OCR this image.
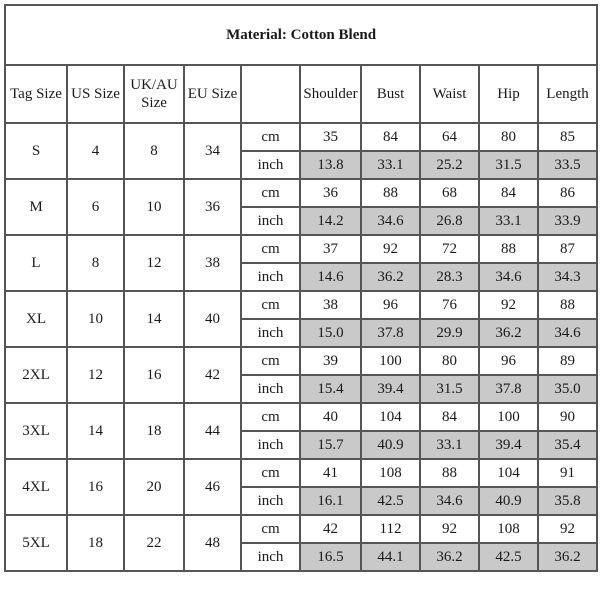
Material: Cotton Blend									
Tag Size	US Size	UK/AU Size	EU Size		Shoulder	Bust	Waist	Hip	Length
S	4	8	34	cm	35	84	64	80	85
				inch	13.8	33.1	25.2	31.5	33.5
M	6	10	36	cm	36	88	68	84	86
				inch	14.2	34.6	26.8	33.1	33.9
L	8	12	38	cm	37	92	72	88	87
				inch	14.6	36.2	28.3	34.6	34.3
XL	10	14	40	cm	38	96	76	92	88
				inch	15.0	37.8	29.9	36.2	34.6
2XL	12	16	42	cm	39	100	80	96	89
				inch	15.4	39.4	31.5	37.8	35.0
3XL	14	18	44	cm	40	104	84	100	90
				inch	15.7	40.9	33.1	39.4	35.4
4XL	16	20	46	cm	41	108	88	104	91
				inch	16.1	42.5	34.6	40.9	35.8
5XL	18	22	48	cm	42	112	92	108	92
				inch	16.5	44.1	36.2	42.5	36.2
